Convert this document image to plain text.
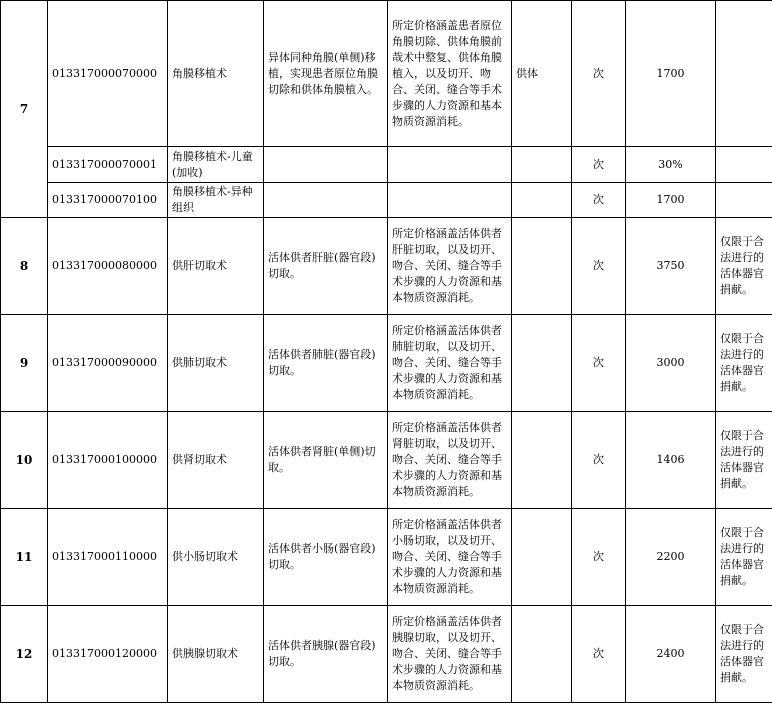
7	013317000070000	角膜移植术	异体同种角膜(单侧)移植，实现患者原位角膜切除和供体角膜植入。	所定价格涵盖患者原位角膜切除、供体角膜前哉术中整复、供体角膜植入，以及切开、吻合、关闭、缝合等手术步骤的人力资源和基本物质资源消耗。	供体	次	1700	
	013317000070001	角膜移植术-儿童(加收)				次	30%	
	013317000070100	角膜移植术-异种组织				次	1700	
8	013317000080000	供肝切取术	活体供者肝脏(器官段)切取。	所定价格涵盖活体供者肝脏切取，以及切开、吻合、关闭、缝合等手术步骤的人力资源和基本物质资源消耗。		次	3750	仅限于合法进行的活体器官捐献。
9	013317000090000	供肺切取术	活体供者肺脏(器官段)切取。	所定价格涵盖活体供者肺脏切取，以及切开、吻合、关闭、缝合等手术步骤的人力资源和基本物质资源消耗。		次	3000	仅限于合法进行的活体器官捐献。
10	013317000100000	供肾切取术	活体供者肾脏(单侧)切取。	所定价格涵盖活体供者肾脏切取，以及切开、吻合、关闭、缝合等手术步骤的人力资源和基本物质资源消耗。		次	1406	仅限于合法进行的活体器官捐献。
11	013317000110000	供小肠切取术	活体供者小肠(器官段)切取。	所定价格涵盖活体供者小肠切取，以及切开、吻合、关闭、缝合等手术步骤的人力资源和基本物质资源消耗。		次	2200	仅限于合法进行的活体器官捐献。
12	013317000120000	供胰腺切取术	活体供者胰腺(器官段)切取。	所定价格涵盖活体供者胰腺切取，以及切开、吻合、关闭、缝合等手术步骤的人力资源和基本物质资源消耗。		次	2400	仅限于合法进行的活体器官捐献。
